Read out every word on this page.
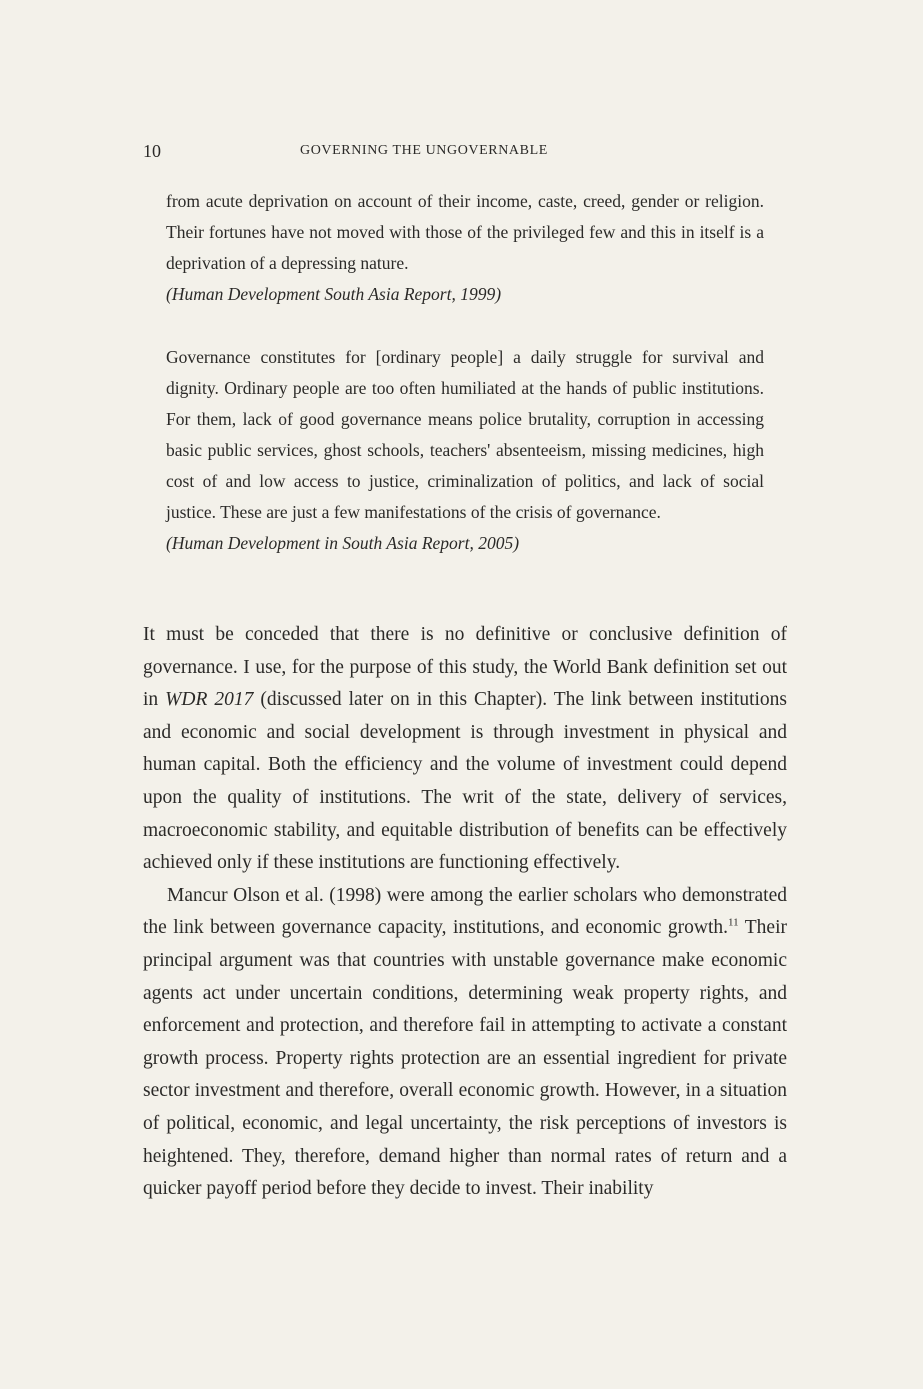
10	GOVERNING THE UNGOVERNABLE

from acute deprivation on account of their income, caste, creed, gender or religion. Their fortunes have not moved with those of the privileged few and this in itself is a deprivation of a depressing nature.

(Human Development South Asia Report, 1999)

Governance constitutes for [ordinary people] a daily struggle for survival and dignity. Ordinary people are too often humiliated at the hands of public institutions. For them, lack of good governance means police brutality, corruption in accessing basic public services, ghost schools, teachers' absenteeism, missing medicines, high cost of and low access to justice, criminalization of politics, and lack of social justice. These are just a few manifestations of the crisis of governance.

(Human Development in South Asia Report, 2005)

It must be conceded that there is no definitive or conclusive definition of governance. I use, for the purpose of this study, the World Bank definition set out in WDR 2017 (discussed later on in this Chapter). The link between institutions and economic and social development is through investment in physical and human capital. Both the efficiency and the volume of investment could depend upon the quality of institutions. The writ of the state, delivery of services, macroeconomic stability, and equitable distribution of benefits can be effectively achieved only if these institutions are functioning effectively.

Mancur Olson et al. (1998) were among the earlier scholars who demonstrated the link between governance capacity, institutions, and economic growth.$^{11}$ Their principal argument was that countries with unstable governance make economic agents act under uncertain conditions, determining weak property rights, and enforcement and protection, and therefore fail in attempting to activate a constant growth process. Property rights protection are an essential ingredient for private sector investment and therefore, overall economic growth. However, in a situation of political, economic, and legal uncertainty, the risk perceptions of investors is heightened. They, therefore, demand higher than normal rates of return and a quicker payoff period before they decide to invest. Their inability
